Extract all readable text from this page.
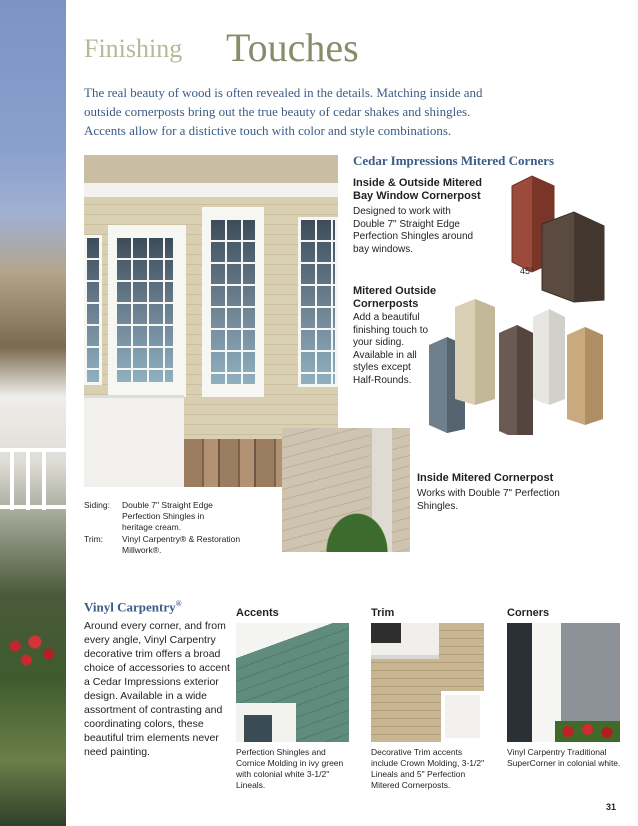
Finishing Touches
The real beauty of wood is often revealed in the details. Matching inside and outside cornerposts bring out the true beauty of cedar shakes and shingles. Accents allow for a distictive touch with color and style combinations.
Cedar Impressions Mitered Corners
Inside & Outside Mitered Bay Window Cornerpost
Designed to work with Double 7" Straight Edge Perfection Shingles around bay windows.
45°
Mitered Outside Cornerposts
Add a beautiful finishing touch to your siding. Available in all styles except Half-Rounds.
Inside Mitered Cornerpost
Works with Double 7" Perfection Shingles.
Siding: Double 7" Straight Edge Perfection Shingles in heritage cream.
Trim: Vinyl Carpentry® & Restoration Millwork®.
Vinyl Carpentry®
Around every corner, and from every angle, Vinyl Carpentry decorative trim offers a broad choice of accessories to accent a Cedar Impressions exterior design. Available in a wide assortment of contrasting and coordinating colors, these beautiful trim elements never need painting.
Accents	Trim	Corners
Perfection Shingles and Cornice Molding in ivy green with colonial white 3-1/2" Lineals.
Decorative Trim accents include Crown Molding, 3-1/2" Lineals and 5" Perfection Mitered Cornerposts.
Vinyl Carpentry Traditional SuperCorner in colonial white.
31
